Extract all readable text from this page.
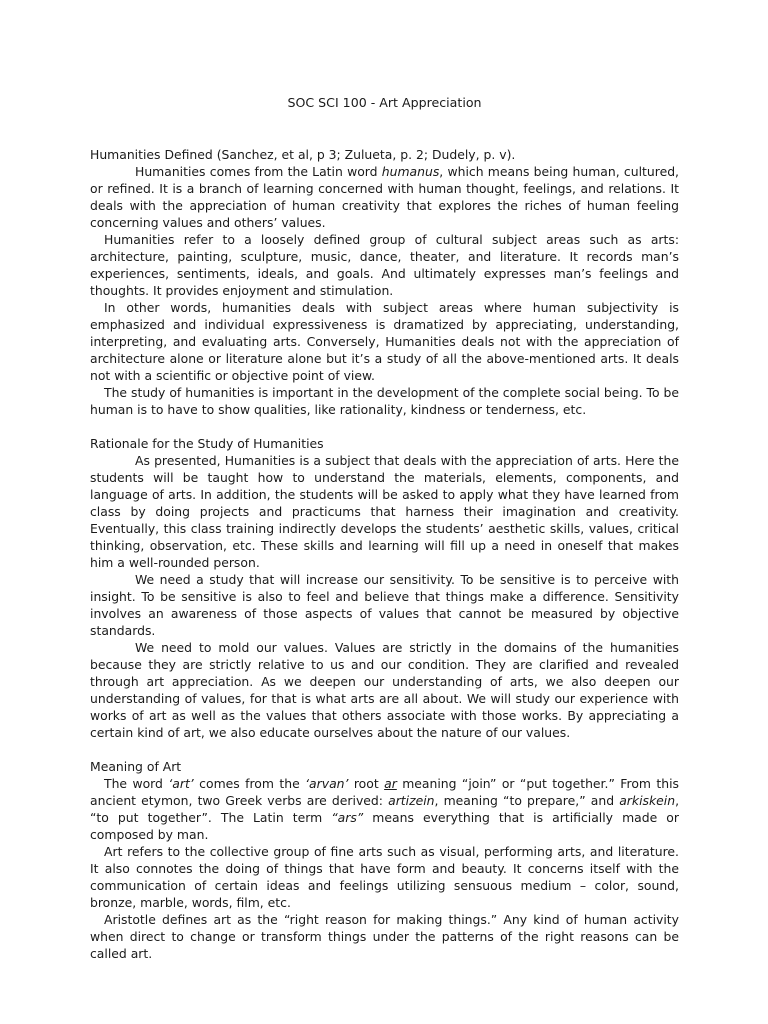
SOC SCI 100 - Art Appreciation

Humanities Defined (Sanchez, et al, p 3; Zulueta, p. 2; Dudely, p. v).

Humanities comes from the Latin word humanus, which means being human, cultured, or refined. It is a branch of learning concerned with human thought, feelings, and relations. It deals with the appreciation of human creativity that explores the riches of human feeling concerning values and others’ values.

Humanities refer to a loosely defined group of cultural subject areas such as arts: architecture, painting, sculpture, music, dance, theater, and literature. It records man’s experiences, sentiments, ideals, and goals. And ultimately expresses man’s feelings and thoughts. It provides enjoyment and stimulation.

In other words, humanities deals with subject areas where human subjectivity is emphasized and individual expressiveness is dramatized by appreciating, understanding, interpreting, and evaluating arts. Conversely, Humanities deals not with the appreciation of architecture alone or literature alone but it’s a study of all the above-mentioned arts. It deals not with a scientific or objective point of view.

The study of humanities is important in the development of the complete social being. To be human is to have to show qualities, like rationality, kindness or tenderness, etc.

Rationale for the Study of Humanities

As presented, Humanities is a subject that deals with the appreciation of arts. Here the students will be taught how to understand the materials, elements, components, and language of arts. In addition, the students will be asked to apply what they have learned from class by doing projects and practicums that harness their imagination and creativity. Eventually, this class training indirectly develops the students’ aesthetic skills, values, critical thinking, observation, etc. These skills and learning will fill up a need in oneself that makes him a well-rounded person.

We need a study that will increase our sensitivity. To be sensitive is to perceive with insight. To be sensitive is also to feel and believe that things make a difference. Sensitivity involves an awareness of those aspects of values that cannot be measured by objective standards.

We need to mold our values. Values are strictly in the domains of the humanities because they are strictly relative to us and our condition. They are clarified and revealed through art appreciation. As we deepen our understanding of arts, we also deepen our understanding of values, for that is what arts are all about. We will study our experience with works of art as well as the values that others associate with those works. By appreciating a certain kind of art, we also educate ourselves about the nature of our values.

Meaning of Art

The word ‘art’ comes from the ‘arvan’ root ar meaning “join” or “put together.” From this ancient etymon, two Greek verbs are derived: artizein, meaning “to prepare,” and arkiskein, “to put together”. The Latin term “ars” means everything that is artificially made or composed by man.

Art refers to the collective group of fine arts such as visual, performing arts, and literature. It also connotes the doing of things that have form and beauty. It concerns itself with the communication of certain ideas and feelings utilizing sensuous medium – color, sound, bronze, marble, words, film, etc.

Aristotle defines art as the “right reason for making things.” Any kind of human activity when direct to change or transform things under the patterns of the right reasons can be called art.
